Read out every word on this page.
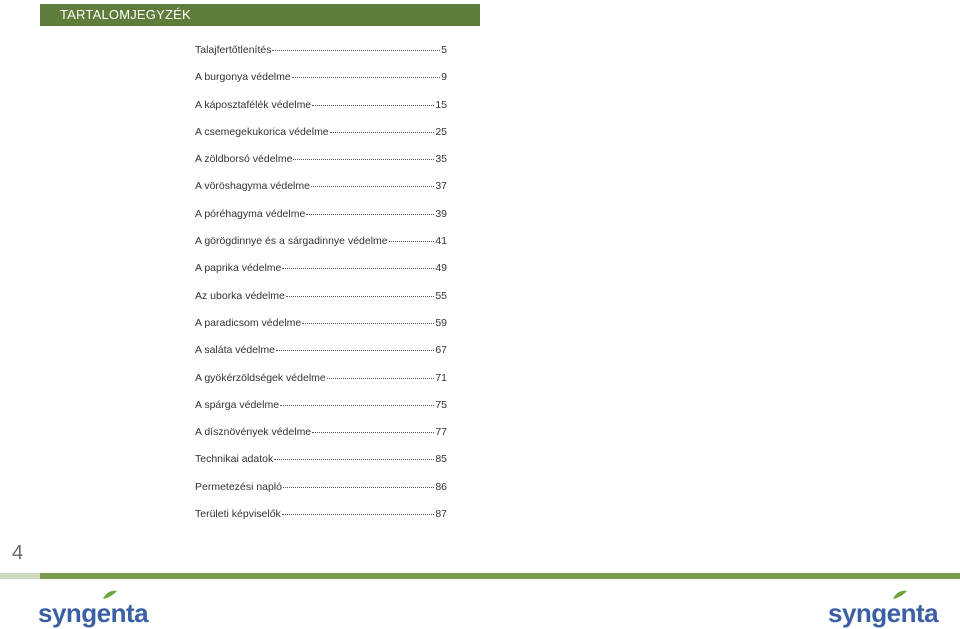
TARTALOMJEGYZÉK
Talajfertőtlenítés	5
A burgonya védelme	9
A káposztafélék védelme	15
A csemegekukorica védelme	25
A zöldborsó védelme	35
A vöröshagyma védelme	37
A póréhagyma védelme	39
A görögdinnye és a sárgadinnye védelme	41
A paprika védelme	49
Az uborka védelme	55
A paradicsom védelme	59
A saláta védelme	67
A gyökérzöldségek védelme	71
A spárga védelme	75
A dísznövények védelme	77
Technikai adatok	85
Permetezési napló	86
Területi képviselők	87
4
syngenta	syngenta
